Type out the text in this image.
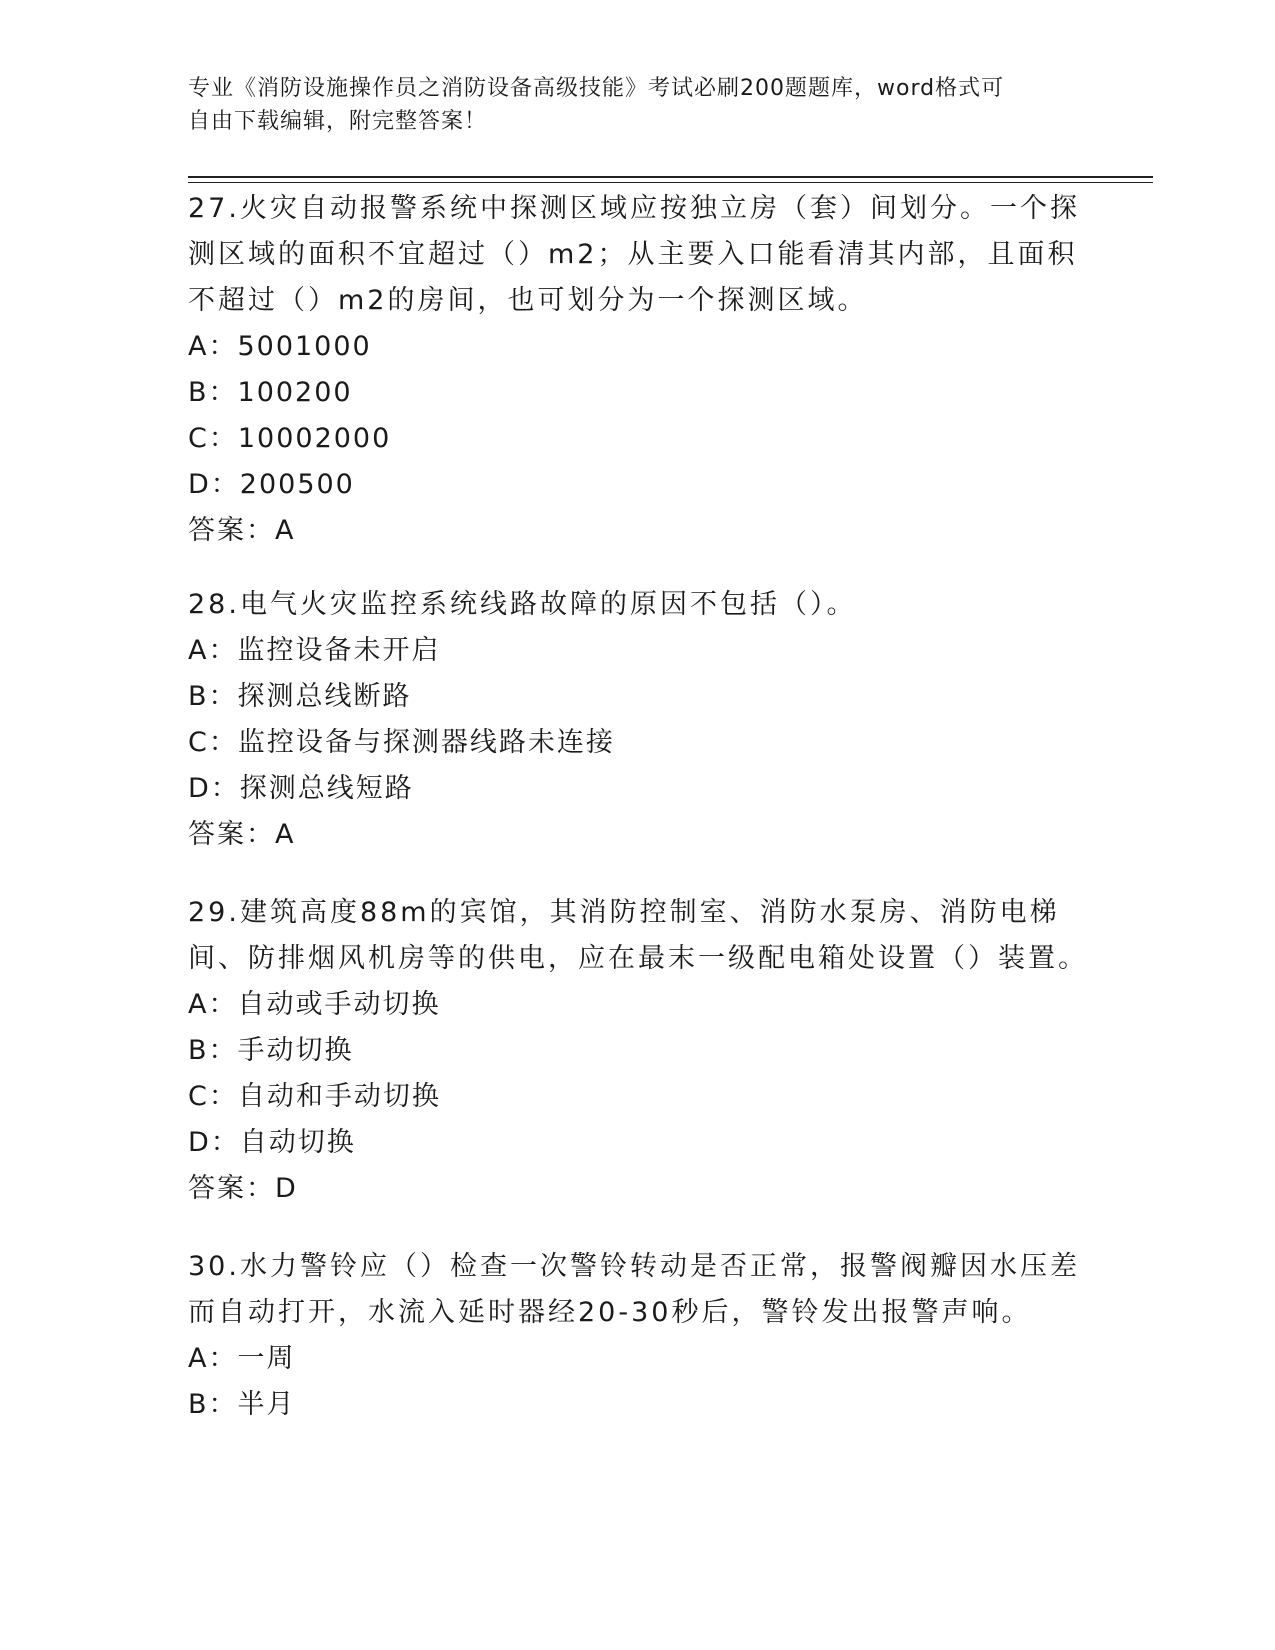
专业《消防设施操作员之消防设备高级技能》考试必刷200题题库，word格式可
自由下载编辑，附完整答案！

27.火灾自动报警系统中探测区域应按独立房（套）间划分。一个探测区域的面积不宜超过（）m2；从主要入口能看清其内部，且面积不超过（）m2的房间，也可划分为一个探测区域。

A：5001000

B：100200

C：10002000

D：200500

答案：A

28.电气火灾监控系统线路故障的原因不包括（）。

A：监控设备未开启

B：探测总线断路

C：监控设备与探测器线路未连接

D：探测总线短路

答案：A

29.建筑高度88m的宾馆，其消防控制室、消防水泵房、消防电梯间、防排烟风机房等的供电，应在最末一级配电箱处设置（）装置。

A：自动或手动切换

B：手动切换

C：自动和手动切换

D：自动切换

答案：D

30.水力警铃应（）检查一次警铃转动是否正常，报警阀瓣因水压差而自动打开，水流入延时器经20-30秒后，警铃发出报警声响。

A：一周

B：半月
